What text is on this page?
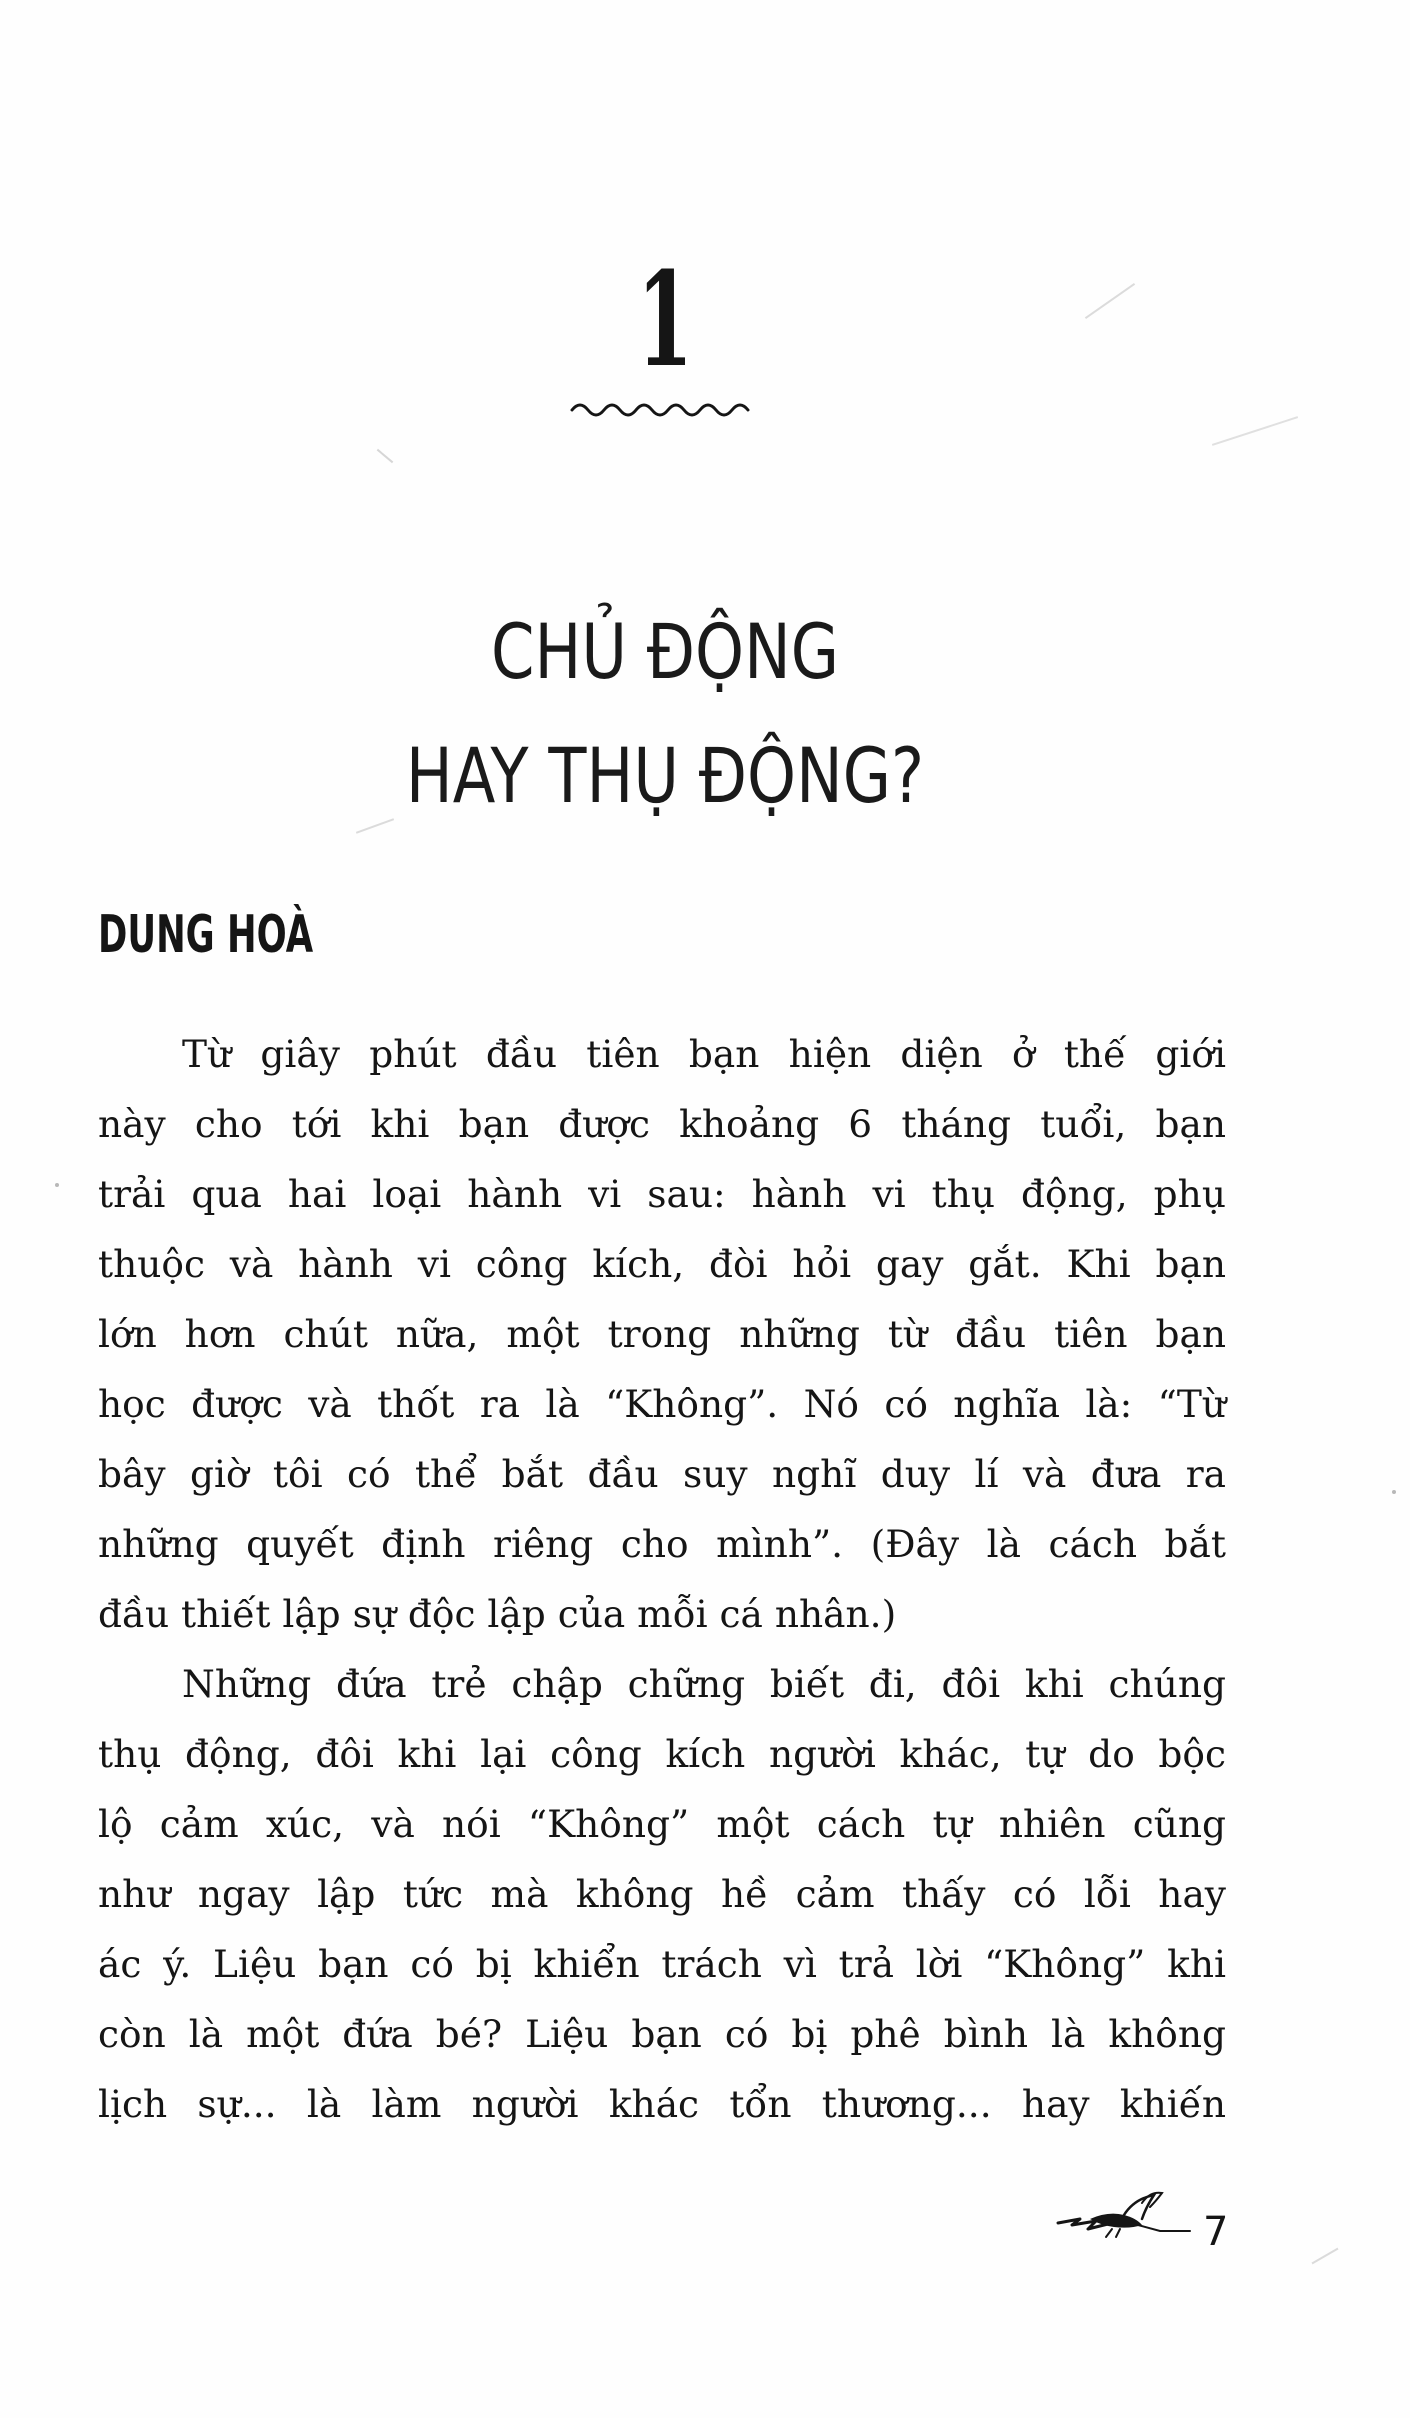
1
CHỦ ĐỘNG
HAY THỤ ĐỘNG?
DUNG HOÀ
Từ giây phút đầu tiên bạn hiện diện ở thế giới
này cho tới khi bạn được khoảng 6 tháng tuổi, bạn
trải qua hai loại hành vi sau: hành vi thụ động, phụ
thuộc và hành vi công kích, đòi hỏi gay gắt. Khi bạn
lớn hơn chút nữa, một trong những từ đầu tiên bạn
học được và thốt ra là “Không”. Nó có nghĩa là: “Từ
bây giờ tôi có thể bắt đầu suy nghĩ duy lí và đưa ra
những quyết định riêng cho mình”. (Đây là cách bắt
đầu thiết lập sự độc lập của mỗi cá nhân.)
Những đứa trẻ chập chững biết đi, đôi khi chúng
thụ động, đôi khi lại công kích người khác, tự do bộc
lộ cảm xúc, và nói “Không” một cách tự nhiên cũng
như ngay lập tức mà không hề cảm thấy có lỗi hay
ác ý. Liệu bạn có bị khiển trách vì trả lời “Không” khi
còn là một đứa bé? Liệu bạn có bị phê bình là không
lịch sự... là làm người khác tổn thương... hay khiến
7
